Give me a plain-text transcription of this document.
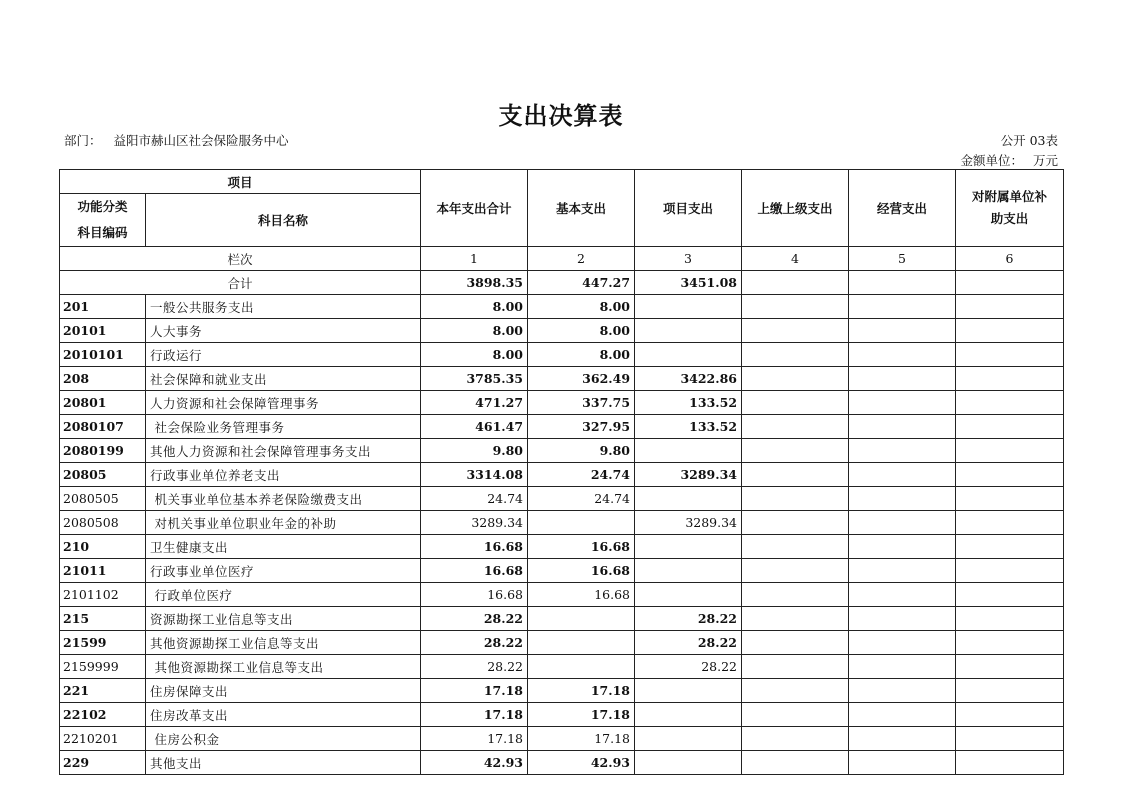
支出决算表
部门： 益阳市赫山区社会保险服务中心	公开 03表
金额单位： 万元
项目		本年支出合计	基本支出	项目支出	上缴上级支出	经营支出	对附属单位补助支出
功能分类科目编码	科目名称						
栏次		1	2	3	4	5	6
合计		3898.35	447.27	3451.08			
201	一般公共服务支出	8.00	8.00				
20101	人大事务	8.00	8.00				
2010101	行政运行	8.00	8.00				
208	社会保障和就业支出	3785.35	362.49	3422.86			
20801	人力资源和社会保障管理事务	471.27	337.75	133.52			
2080107	社会保险业务管理事务	461.47	327.95	133.52			
2080199	其他人力资源和社会保障管理事务支出	9.80	9.80				
20805	行政事业单位养老支出	3314.08	24.74	3289.34			
2080505	机关事业单位基本养老保险缴费支出	24.74	24.74				
2080508	对机关事业单位职业年金的补助	3289.34		3289.34			
210	卫生健康支出	16.68	16.68				
21011	行政事业单位医疗	16.68	16.68				
2101102	行政单位医疗	16.68	16.68				
215	资源勘探工业信息等支出	28.22		28.22			
21599	其他资源勘探工业信息等支出	28.22		28.22			
2159999	其他资源勘探工业信息等支出	28.22		28.22			
221	住房保障支出	17.18	17.18				
22102	住房改革支出	17.18	17.18				
2210201	住房公积金	17.18	17.18				
229	其他支出	42.93	42.93				
